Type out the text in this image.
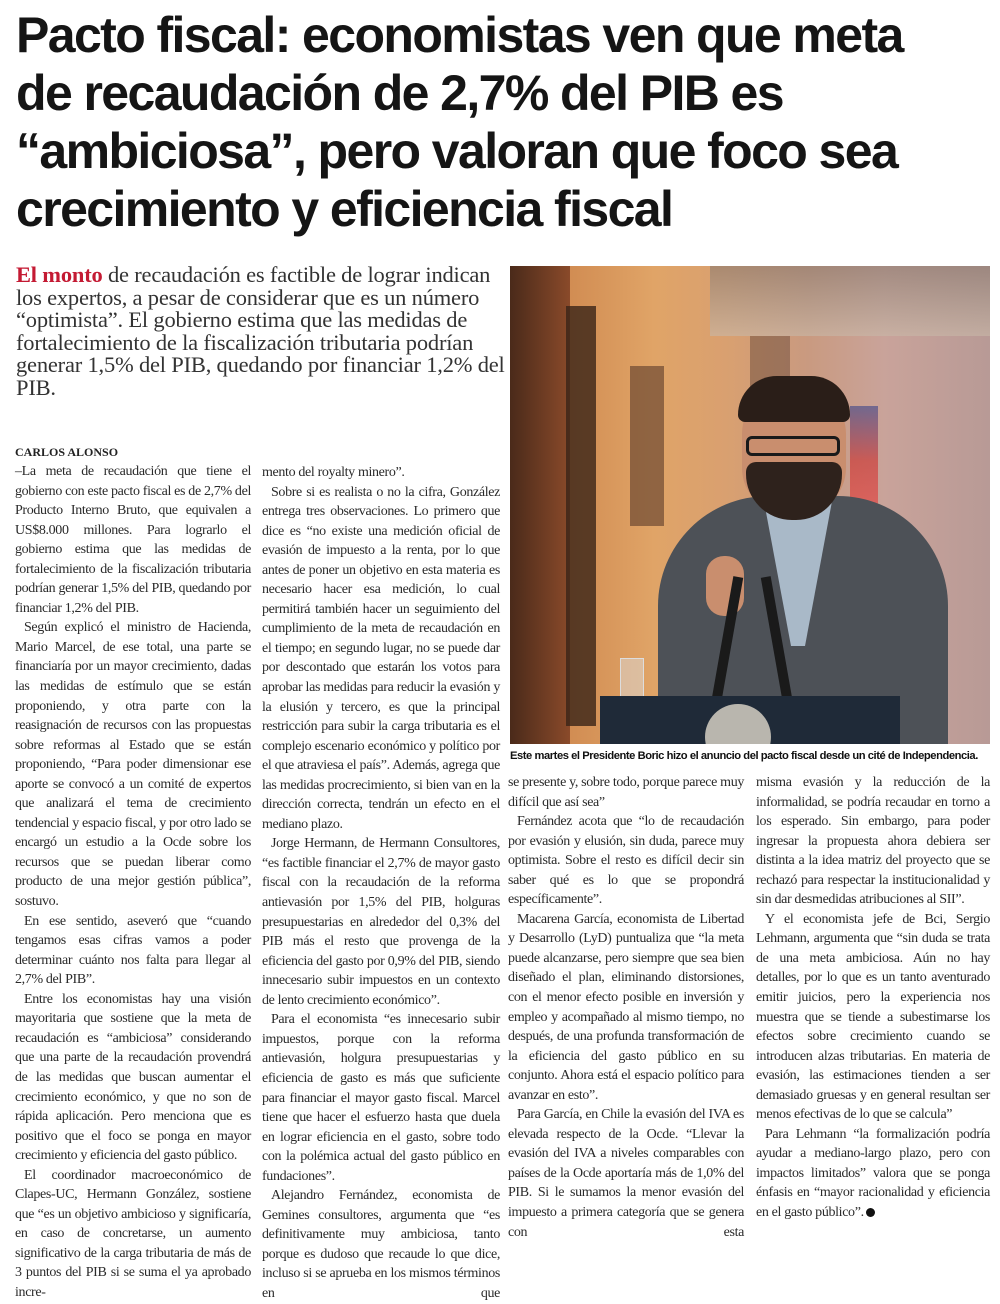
Pacto fiscal: economistas ven que meta
de recaudación de 2,7% del PIB es
“ambiciosa”, pero valoran que foco sea
crecimiento y eficiencia fiscal
El monto de recaudación es factible de lograr indican los expertos, a pesar de considerar que es un número “optimista”. El gobierno estima que las medidas de fortalecimiento de la fiscalización tributaria podrían generar 1,5% del PIB, quedando por financiar 1,2% del PIB.
Este martes el Presidente Boric hizo el anuncio del pacto fiscal desde un cité de Independencia.
CARLOS ALONSO

–La meta de recaudación que tiene el gobierno con este pacto fiscal es de 2,7% del Producto Interno Bruto, que equivalen a US$8.000 millones. Para lograrlo el gobierno estima que las medidas de fortalecimiento de la fiscalización tributaria podrían generar 1,5% del PIB, quedando por financiar 1,2% del PIB.

Según explicó el ministro de Hacienda, Mario Marcel, de ese total, una parte se financiaría por un mayor crecimiento, dadas las medidas de estímulo que se están proponiendo, y otra parte con la reasignación de recursos con las propuestas sobre reformas al Estado que se están proponiendo, “Para poder dimensionar ese aporte se convocó a un comité de expertos que analizará el tema de crecimiento tendencial y espacio fiscal, y por otro lado se encargó un estudio a la Ocde sobre los recursos que se puedan liberar como producto de una mejor gestión pública”, sostuvo.

En ese sentido, aseveró que “cuando tengamos esas cifras vamos a poder determinar cuánto nos falta para llegar al 2,7% del PIB”.

Entre los economistas hay una visión mayoritaria que sostiene que la meta de recaudación es “ambiciosa” considerando que una parte de la recaudación provendrá de las medidas que buscan aumentar el crecimiento económico, y que no son de rápida aplicación. Pero menciona que es positivo que el foco se ponga en mayor crecimiento y eficiencia del gasto público.

El coordinador macroeconómico de Clapes-UC, Hermann González, sostiene que “es un objetivo ambicioso y significaría, en caso de concretarse, un aumento significativo de la carga tributaria de más de 3 puntos del PIB si se suma el ya aprobado incre-

mento del royalty minero”.

Sobre si es realista o no la cifra, González entrega tres observaciones. Lo primero que dice es “no existe una medición oficial de evasión de impuesto a la renta, por lo que antes de poner un objetivo en esta materia es necesario hacer esa medición, lo cual permitirá también hacer un seguimiento del cumplimiento de la meta de recaudación en el tiempo; en segundo lugar, no se puede dar por descontado que estarán los votos para aprobar las medidas para reducir la evasión y la elusión y tercero, es que la principal restricción para subir la carga tributaria es el complejo escenario económico y político por el que atraviesa el país”. Además, agrega que las medidas procrecimiento, si bien van en la dirección correcta, tendrán un efecto en el mediano plazo.

Jorge Hermann, de Hermann Consultores, “es factible financiar el 2,7% de mayor gasto fiscal con la recaudación de la reforma antievasión por 1,5% del PIB, holguras presupuestarias en alrededor del 0,3% del PIB más el resto que provenga de la eficiencia del gasto por 0,9% del PIB, siendo innecesario subir impuestos en un contexto de lento crecimiento económico”.

Para el economista “es innecesario subir impuestos, porque con la reforma antievasión, holgura presupuestarias y eficiencia de gasto es más que suficiente para financiar el mayor gasto fiscal. Marcel tiene que hacer el esfuerzo hasta que duela en lograr eficiencia en el gasto, sobre todo con la polémica actual del gasto público en fundaciones”.

Alejandro Fernández, economista de Gemines consultores, argumenta que “es definitivamente muy ambiciosa, tanto porque es dudoso que recaude lo que dice, incluso si se aprueba en los mismos términos en que

se presente y, sobre todo, porque parece muy difícil que así sea”

Fernández acota que “lo de recaudación por evasión y elusión, sin duda, parece muy optimista. Sobre el resto es difícil decir sin saber qué es lo que se propondrá específicamente”.

Macarena García, economista de Libertad y Desarrollo (LyD) puntualiza que “la meta puede alcanzarse, pero siempre que sea bien diseñado el plan, eliminando distorsiones, con el menor efecto posible en inversión y empleo y acompañado al mismo tiempo, no después, de una profunda transformación de la eficiencia del gasto público en su conjunto. Ahora está el espacio político para avanzar en esto”.

Para García, en Chile la evasión del IVA es elevada respecto de la Ocde. “Llevar la evasión del IVA a niveles comparables con países de la Ocde aportaría más de 1,0% del PIB. Si le sumamos la menor evasión del impuesto a primera categoría que se genera con esta

misma evasión y la reducción de la informalidad, se podría recaudar en torno a los esperado. Sin embargo, para poder ingresar la propuesta ahora debiera ser distinta a la idea matriz del proyecto que se rechazó para respectar la institucionalidad y sin dar desmedidas atribuciones al SII”.

Y el economista jefe de Bci, Sergio Lehmann, argumenta que “sin duda se trata de una meta ambiciosa. Aún no hay detalles, por lo que es un tanto aventurado emitir juicios, pero la experiencia nos muestra que se tiende a subestimarse los efectos sobre crecimiento cuando se introducen alzas tributarias. En materia de evasión, las estimaciones tienden a ser demasiado gruesas y en general resultan ser menos efectivas de lo que se calcula”

Para Lehmann “la formalización podría ayudar a mediano-largo plazo, pero con impactos limitados” valora que se ponga énfasis en “mayor racionalidad y eficiencia en el gasto público”.
